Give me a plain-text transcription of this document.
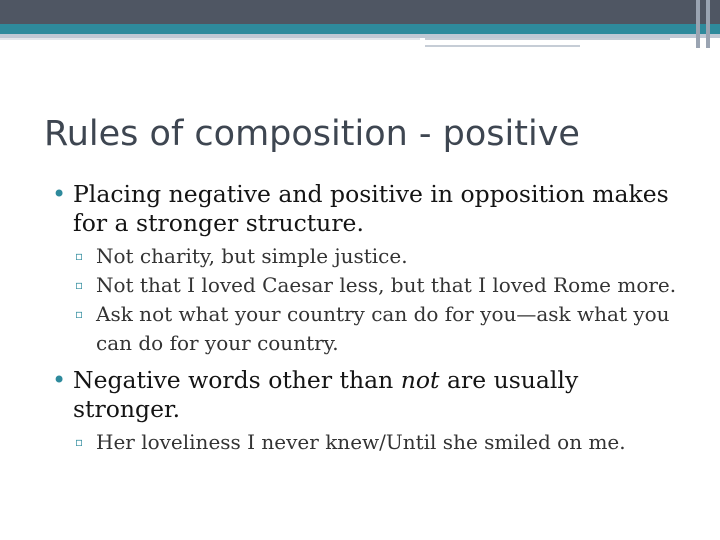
Rules of composition - positive
• Placing negative and positive in opposition makes for a stronger structure.
▫ Not charity, but simple justice.
▫ Not that I loved Caesar less, but that I loved Rome more.
▫ Ask not what your country can do for you—ask what you can do for your country.
• Negative words other than not are usually stronger.
▫ Her loveliness I never knew/Until she smiled on me.
